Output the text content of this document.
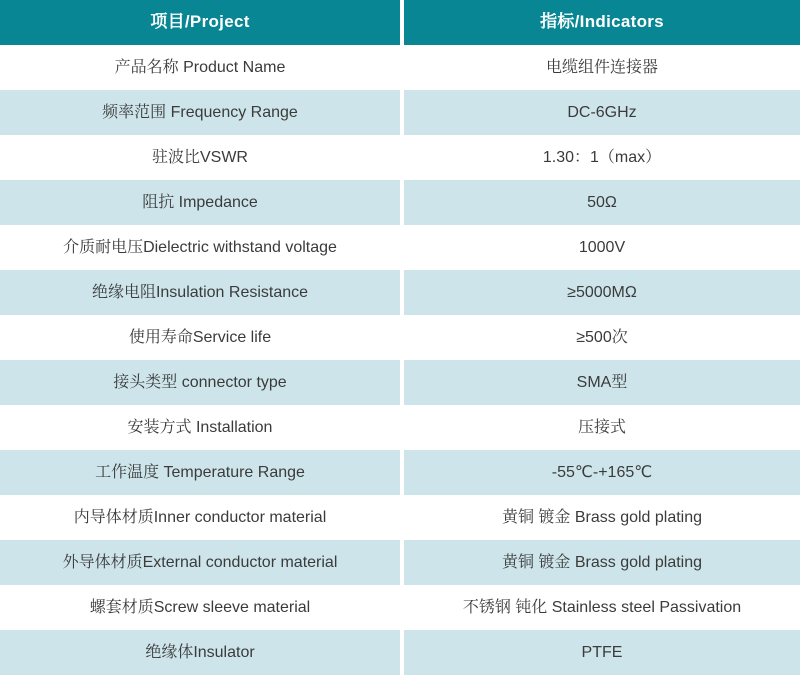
项目/Project	指标/Indicators
产品名称 Product Name	电缆组件连接器
频率范围 Frequency Range	DC-6GHz
驻波比VSWR	1.30：1（max）
阻抗 Impedance	50Ω
介质耐电压Dielectric withstand voltage	1000V
绝缘电阻Insulation Resistance	≥5000MΩ
使用寿命Service life	≥500次
接头类型 connector type	SMA型
安装方式 Installation	压接式
工作温度 Temperature Range	-55℃-+165℃
内导体材质Inner conductor material	黄铜 镀金 Brass gold plating
外导体材质External conductor material	黄铜 镀金 Brass gold plating
螺套材质Screw sleeve material	不锈钢 钝化 Stainless steel Passivation
绝缘体Insulator	PTFE
